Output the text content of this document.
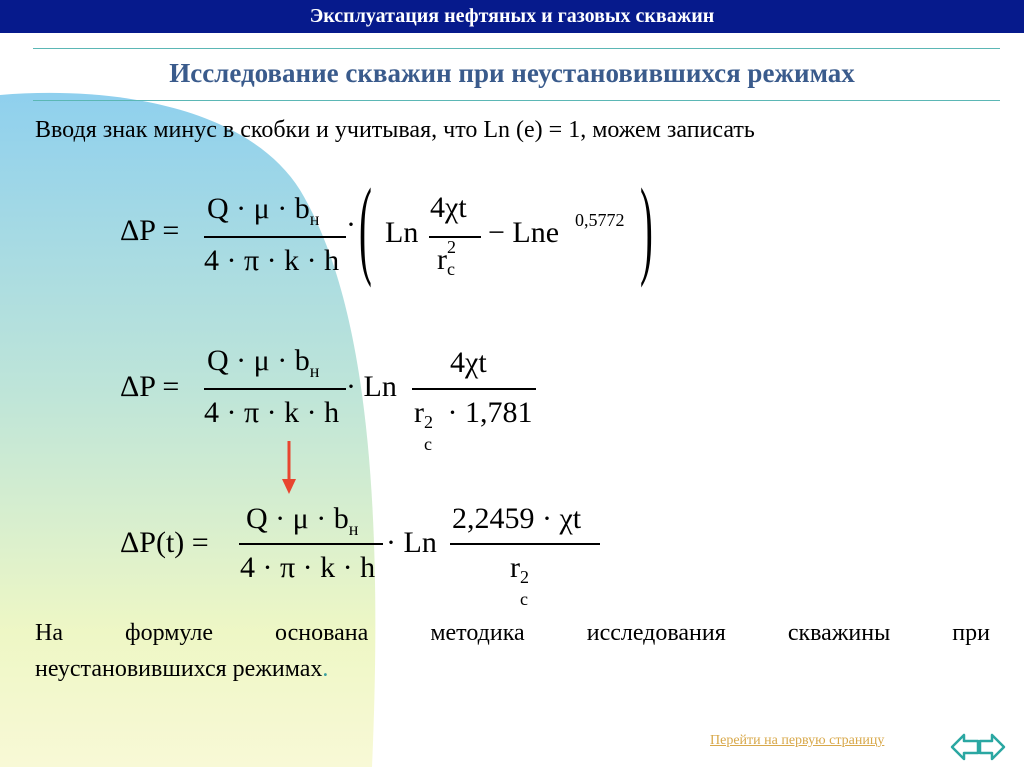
Эксплуатация нефтяных и газовых скважин
Исследование скважин при неустановившихся режимах
Вводя знак минус в скобки и учитывая, что Ln (e) = 1, можем записать
ΔP =
$Q \cdot \mu \cdot b_н$
4 · π · k · h
· ( Ln
4χt
r 2
c
− Lne 0,5772 )
ΔP =
$Q \cdot \mu \cdot b_н$
4 · π · k · h
· Ln
4χt
r 2
c
· 1,781
ΔP(t) =
$Q \cdot \mu \cdot b_н$
4 · π · k · h
· Ln
2,2459 · χt
r 2
c
На	формуле	основана	методика	исследования	скважины	при
неустановившихся режимах.
Перейти на первую страницу
